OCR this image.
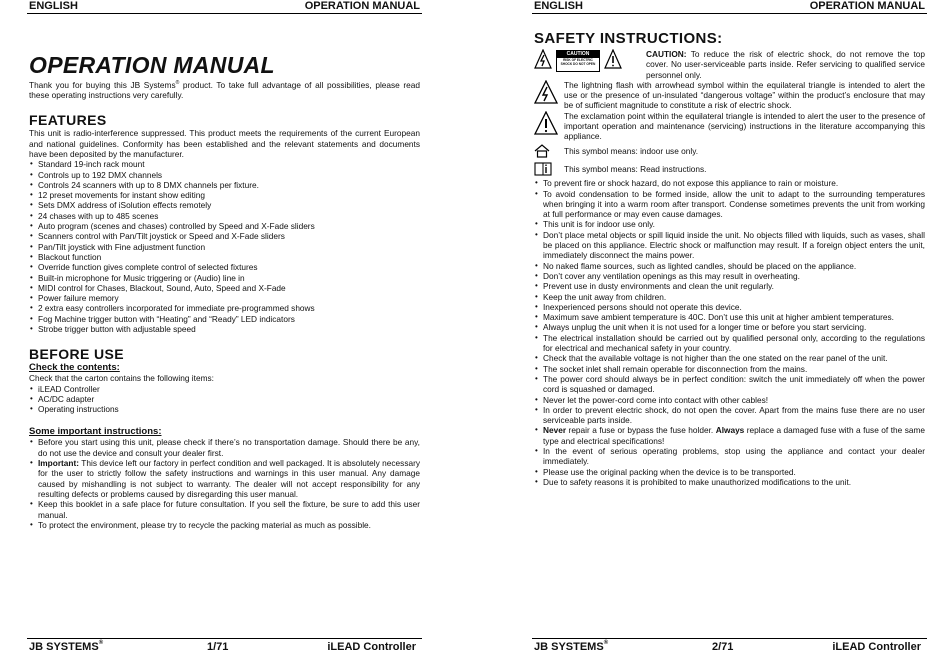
ENGLISH	OPERATION MANUAL
OPERATION MANUAL

Thank you for buying this JB Systems® product. To take full advantage of all possibilities, please read these operating instructions very carefully.

FEATURES

This unit is radio-interference suppressed. This product meets the requirements of the current European and national guidelines. Conformity has been established and the relevant statements and documents have been deposited by the manufacturer.

• Standard 19-inch rack mount
• Controls up to 192 DMX channels
• Controls 24 scanners with up to 8 DMX channels per fixture.
• 12 preset movements for instant show editing
• Sets DMX address of iSolution effects remotely
• 24 chases with up to 485 scenes
• Auto program (scenes and chases) controlled by Speed and X-Fade sliders
• Scanners control with Pan/Tilt joystick or Speed and X-Fade sliders
• Pan/Tilt joystick with Fine adjustment function
• Blackout function
• Override function gives complete control of selected fixtures
• Built-in microphone for Music triggering or (Audio) line in
• MIDI control for Chases, Blackout, Sound, Auto, Speed and X-Fade
• Power failure memory
• 2 extra easy controllers incorporated for immediate pre-programmed shows
• Fog Machine trigger button with “Heating” and “Ready” LED indicators
• Strobe trigger button with adjustable speed
BEFORE USE
Check the contents:

Check that the carton contains the following items:

• iLEAD Controller
• AC/DC adapter
• Operating instructions
Some important instructions:
• Before you start using this unit, please check if there’s no transportation damage. Should there be any, do not use the device and consult your dealer first.
• Important: This device left our factory in perfect condition and well packaged. It is absolutely necessary for the user to strictly follow the safety instructions and warnings in this user manual. Any damage caused by mishandling is not subject to warranty. The dealer will not accept responsibility for any resulting defects or problems caused by disregarding this user manual.
• Keep this booklet in a safe place for future consultation. If you sell the fixture, be sure to add this user manual.
• To protect the environment, please try to recycle the packing material as much as possible.
JB SYSTEMS®	1/71	iLEAD Controller
ENGLISH	OPERATION MANUAL
SAFETY INSTRUCTIONS:
CAUTION
RISK OF ELECTRIC SHOCK DO NOT OPEN

CAUTION: To reduce the risk of electric shock, do not remove the top cover. No user-serviceable parts inside. Refer servicing to qualified service personnel only.

The lightning flash with arrowhead symbol within the equilateral triangle is intended to alert the use or the presence of un-insulated “dangerous voltage” within the product’s enclosure that may be of sufficient magnitude to constitute a risk of electric shock.

The exclamation point within the equilateral triangle is intended to alert the user to the presence of important operation and maintenance (servicing) instructions in the literature accompanying this appliance.

This symbol means: indoor use only.

This symbol means: Read instructions.

• To prevent fire or shock hazard, do not expose this appliance to rain or moisture.
• To avoid condensation to be formed inside, allow the unit to adapt to the surrounding temperatures when bringing it into a warm room after transport. Condense sometimes prevents the unit from working at full performance or may even cause damages.
• This unit is for indoor use only.
• Don’t place metal objects or spill liquid inside the unit. No objects filled with liquids, such as vases, shall be placed on this appliance. Electric shock or malfunction may result. If a foreign object enters the unit, immediately disconnect the mains power.
• No naked flame sources, such as lighted candles, should be placed on the appliance.
• Don’t cover any ventilation openings as this may result in overheating.
• Prevent use in dusty environments and clean the unit regularly.
• Keep the unit away from children.
• Inexperienced persons should not operate this device.
• Maximum save ambient temperature is 40C. Don’t use this unit at higher ambient temperatures.
• Always unplug the unit when it is not used for a longer time or before you start servicing.
• The electrical installation should be carried out by qualified personal only, according to the regulations for electrical and mechanical safety in your country.
• Check that the available voltage is not higher than the one stated on the rear panel of the unit.
• The socket inlet shall remain operable for disconnection from the mains.
• The power cord should always be in perfect condition: switch the unit immediately off when the power cord is squashed or damaged.
• Never let the power-cord come into contact with other cables!
• In order to prevent electric shock, do not open the cover. Apart from the mains fuse there are no user serviceable parts inside.
• Never repair a fuse or bypass the fuse holder. Always replace a damaged fuse with a fuse of the same type and electrical specifications!
• In the event of serious operating problems, stop using the appliance and contact your dealer immediately.
• Please use the original packing when the device is to be transported.
• Due to safety reasons it is prohibited to make unauthorized modifications to the unit.
JB SYSTEMS®	2/71	iLEAD Controller
